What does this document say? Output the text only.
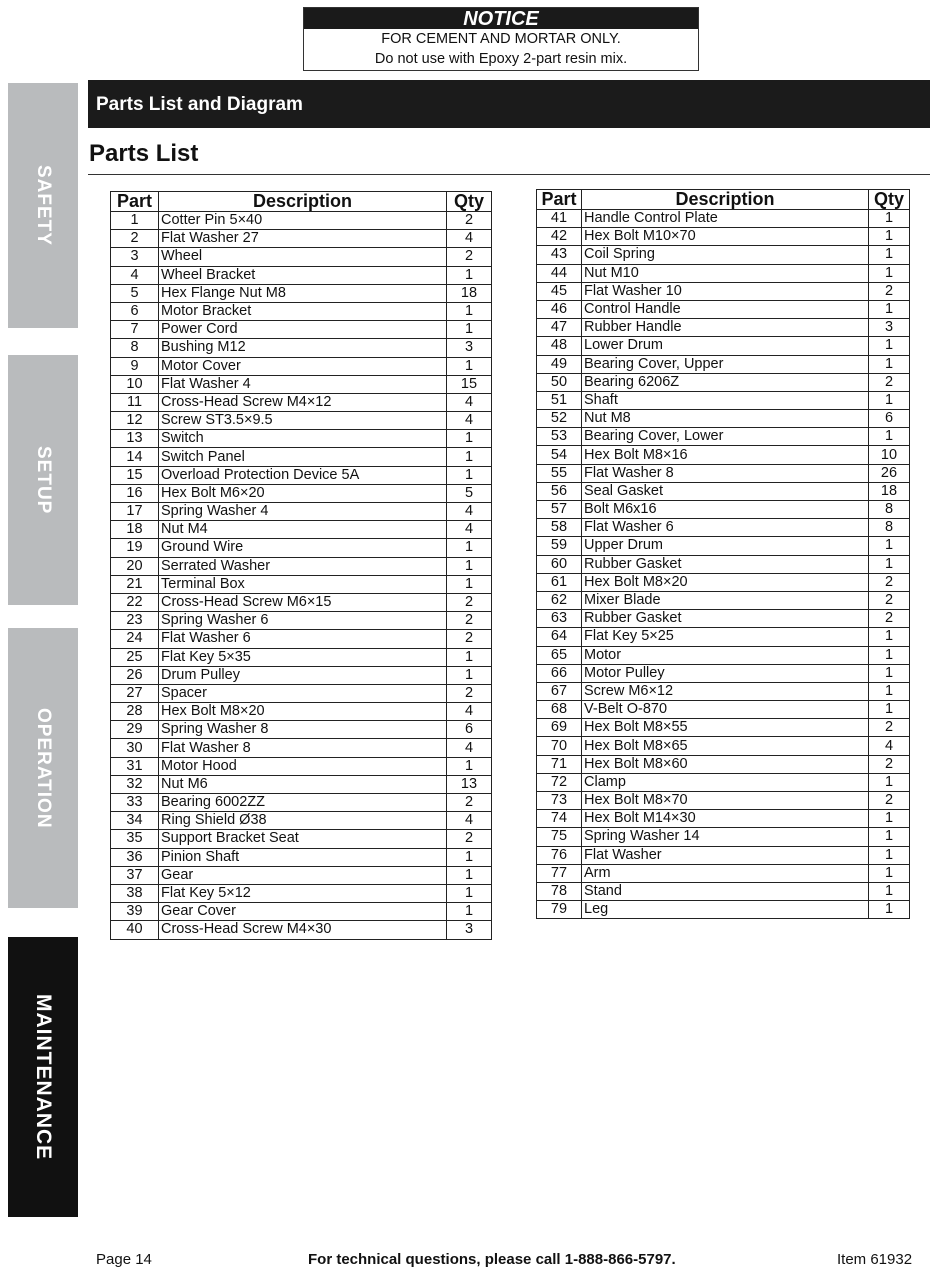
SAFETY
SETUP
OPERATION
MAINTENANCE
NOTICE
FOR CEMENT AND MORTAR ONLY.
Do not use with Epoxy 2-part resin mix.
Parts List and Diagram
Parts List
Part	Description	Qty
1	Cotter Pin 5×40	2
2	Flat Washer 27	4
3	Wheel	2
4	Wheel Bracket	1
5	Hex Flange Nut M8	18
6	Motor Bracket	1
7	Power Cord	1
8	Bushing M12	3
9	Motor Cover	1
10	Flat Washer 4	15
11	Cross-Head Screw M4×12	4
12	Screw ST3.5×9.5	4
13	Switch	1
14	Switch Panel	1
15	Overload Protection Device 5A	1
16	Hex Bolt M6×20	5
17	Spring Washer 4	4
18	Nut M4	4
19	Ground Wire	1
20	Serrated Washer	1
21	Terminal Box	1
22	Cross-Head Screw M6×15	2
23	Spring Washer 6	2
24	Flat Washer 6	2
25	Flat Key 5×35	1
26	Drum Pulley	1
27	Spacer	2
28	Hex Bolt M8×20	4
29	Spring Washer 8	6
30	Flat Washer 8	4
31	Motor Hood	1
32	Nut M6	13
33	Bearing 6002ZZ	2
34	Ring Shield Ø38	4
35	Support Bracket Seat	2
36	Pinion Shaft	1
37	Gear	1
38	Flat Key 5×12	1
39	Gear Cover	1
40	Cross-Head Screw M4×30	3
Part	Description	Qty
41	Handle Control Plate	1
42	Hex Bolt M10×70	1
43	Coil Spring	1
44	Nut M10	1
45	Flat Washer 10	2
46	Control Handle	1
47	Rubber Handle	3
48	Lower Drum	1
49	Bearing Cover, Upper	1
50	Bearing 6206Z	2
51	Shaft	1
52	Nut M8	6
53	Bearing Cover, Lower	1
54	Hex Bolt M8×16	10
55	Flat Washer 8	26
56	Seal Gasket	18
57	Bolt M6x16	8
58	Flat Washer 6	8
59	Upper Drum	1
60	Rubber Gasket	1
61	Hex Bolt M8×20	2
62	Mixer Blade	2
63	Rubber Gasket	2
64	Flat Key 5×25	1
65	Motor	1
66	Motor Pulley	1
67	Screw M6×12	1
68	V-Belt O-870	1
69	Hex Bolt M8×55	2
70	Hex Bolt M8×65	4
71	Hex Bolt M8×60	2
72	Clamp	1
73	Hex Bolt M8×70	2
74	Hex Bolt M14×30	1
75	Spring Washer 14	1
76	Flat Washer	1
77	Arm	1
78	Stand	1
79	Leg	1
Page 14	For technical questions, please call 1-888-866-5797.	Item 61932
